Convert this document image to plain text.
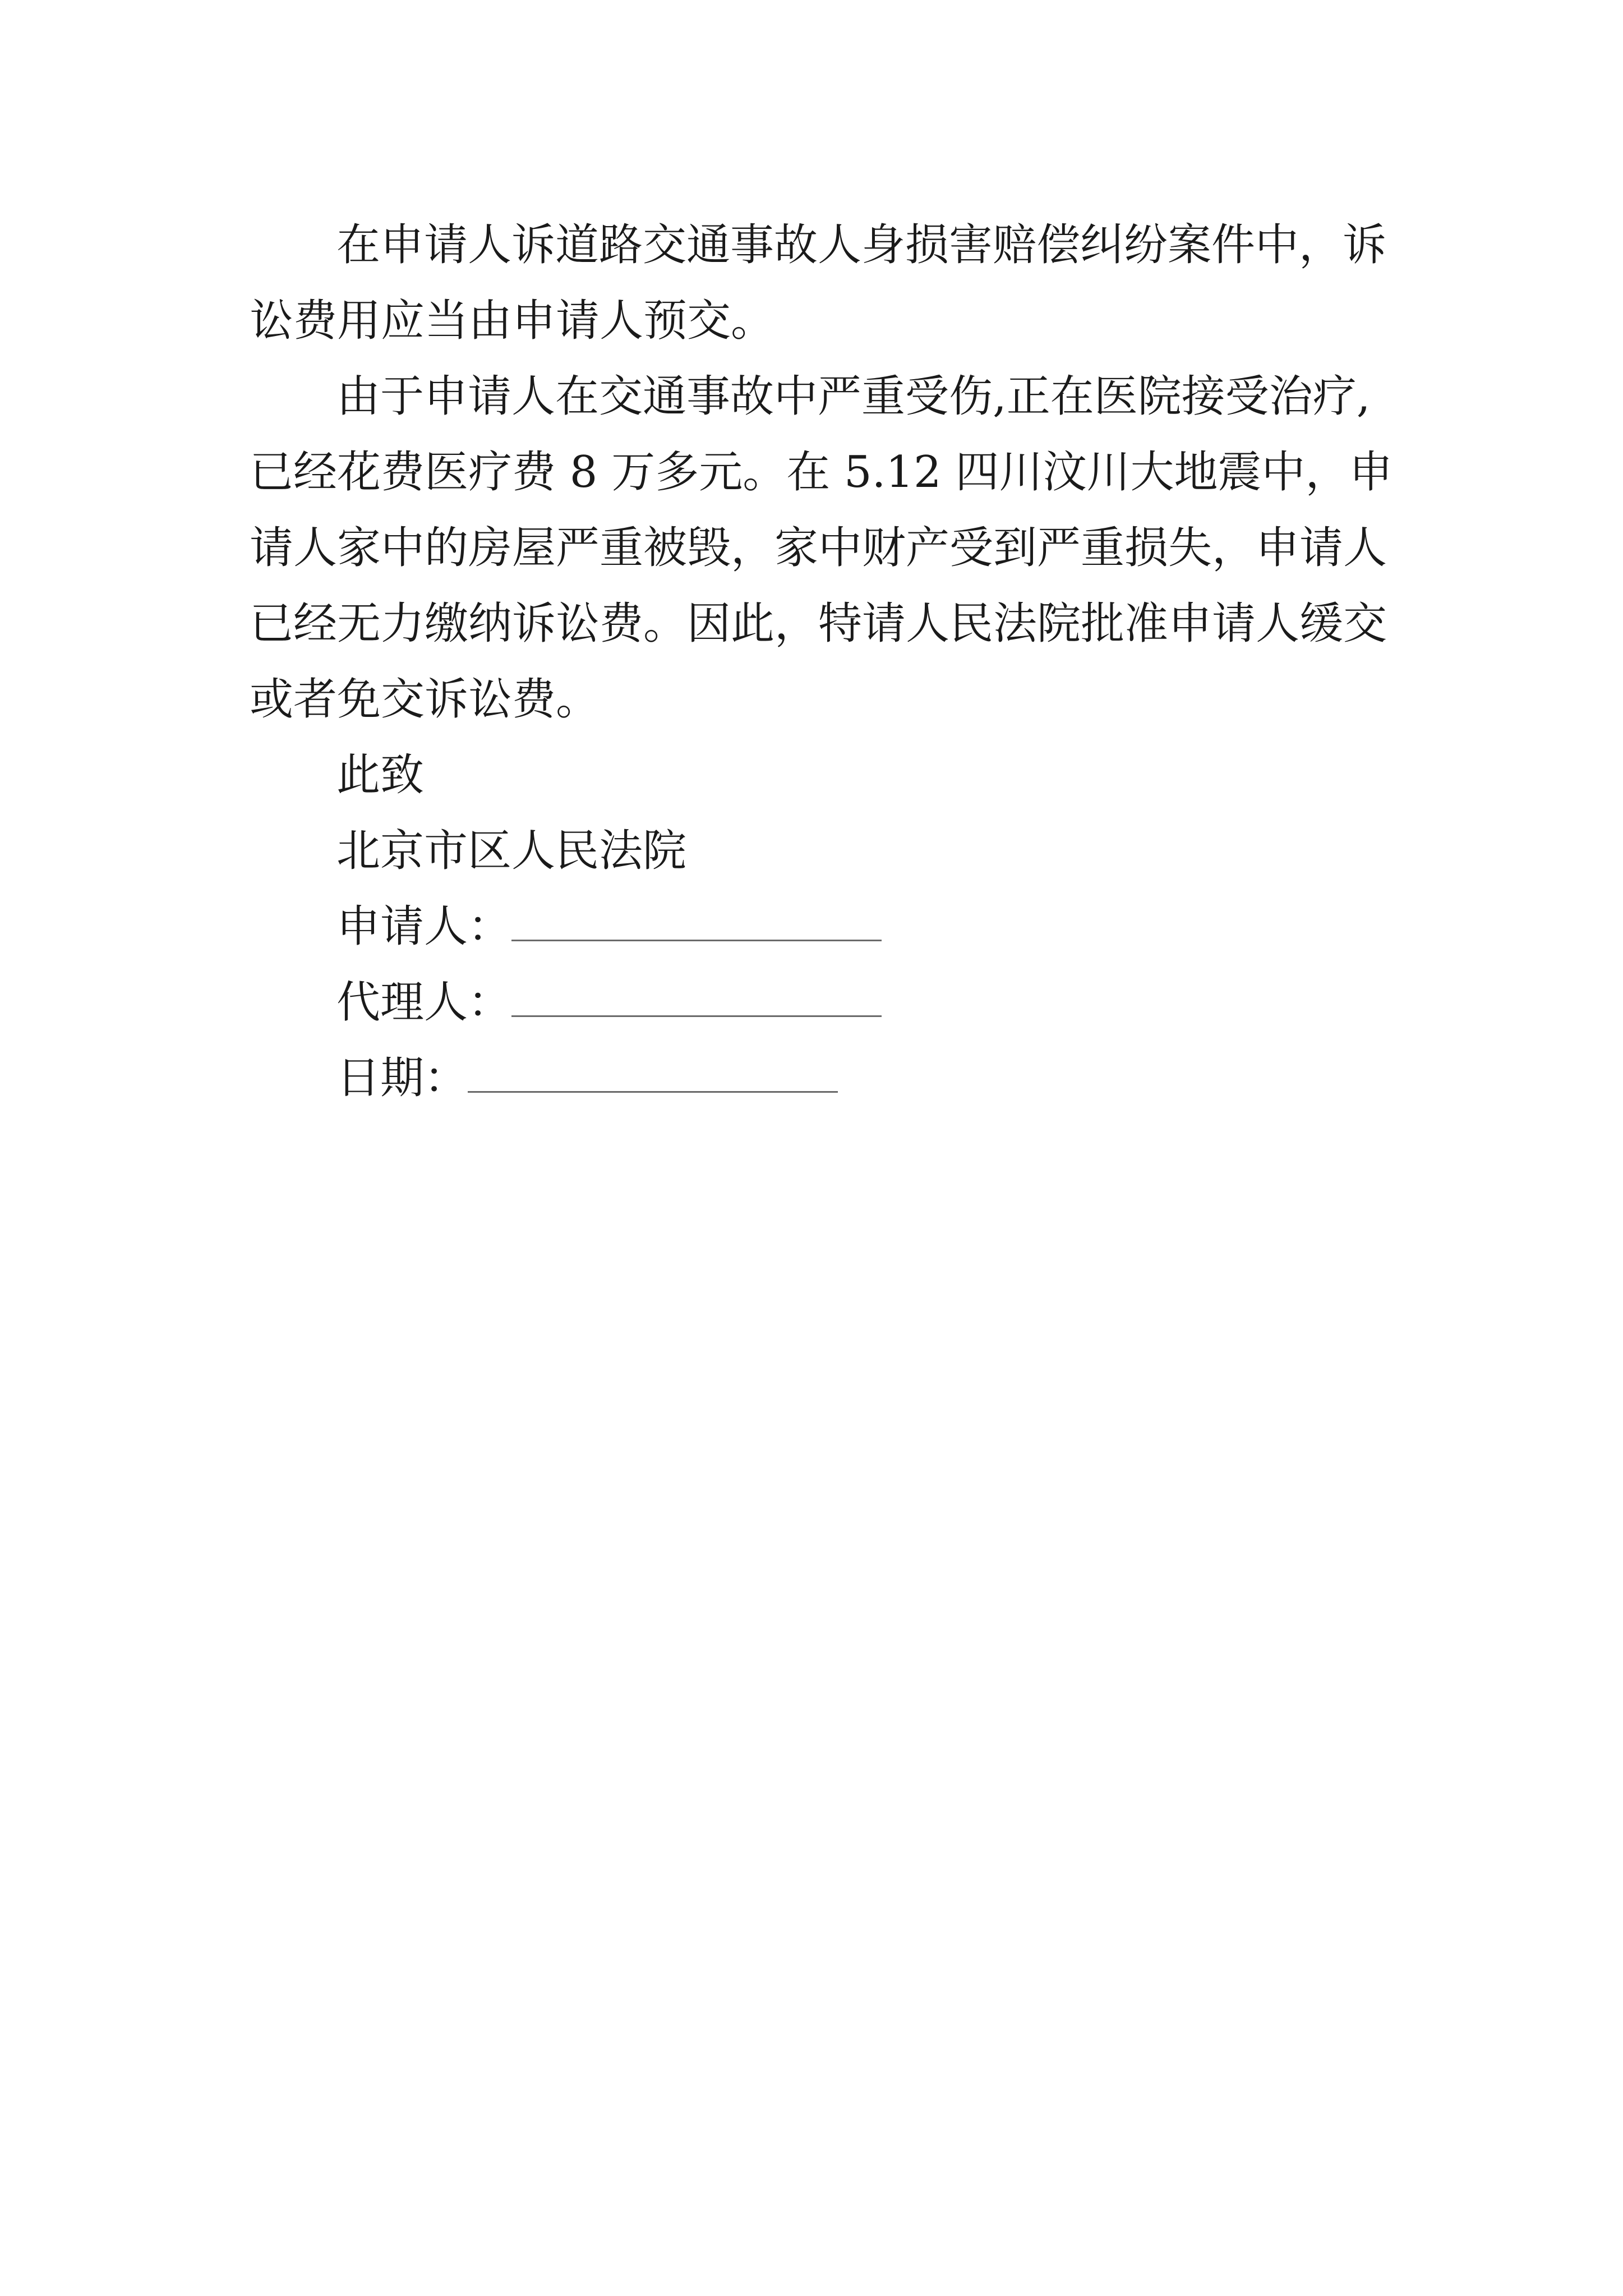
在申请人诉道路交通事故人身损害赔偿纠纷案件中，诉
讼费用应当由申请人预交。
由于申请人在交通事故中严重受伤,正在医院接受治疗,
已经花费医疗费 8 万多元。在 5.12 四川汶川大地震中，申
请人家中的房屋严重被毁，家中财产受到严重损失，申请人
已经无力缴纳诉讼费。因此，特请人民法院批准申请人缓交
或者免交诉讼费。
此致
北京市区人民法院
申请人：
代理人：
日期：
